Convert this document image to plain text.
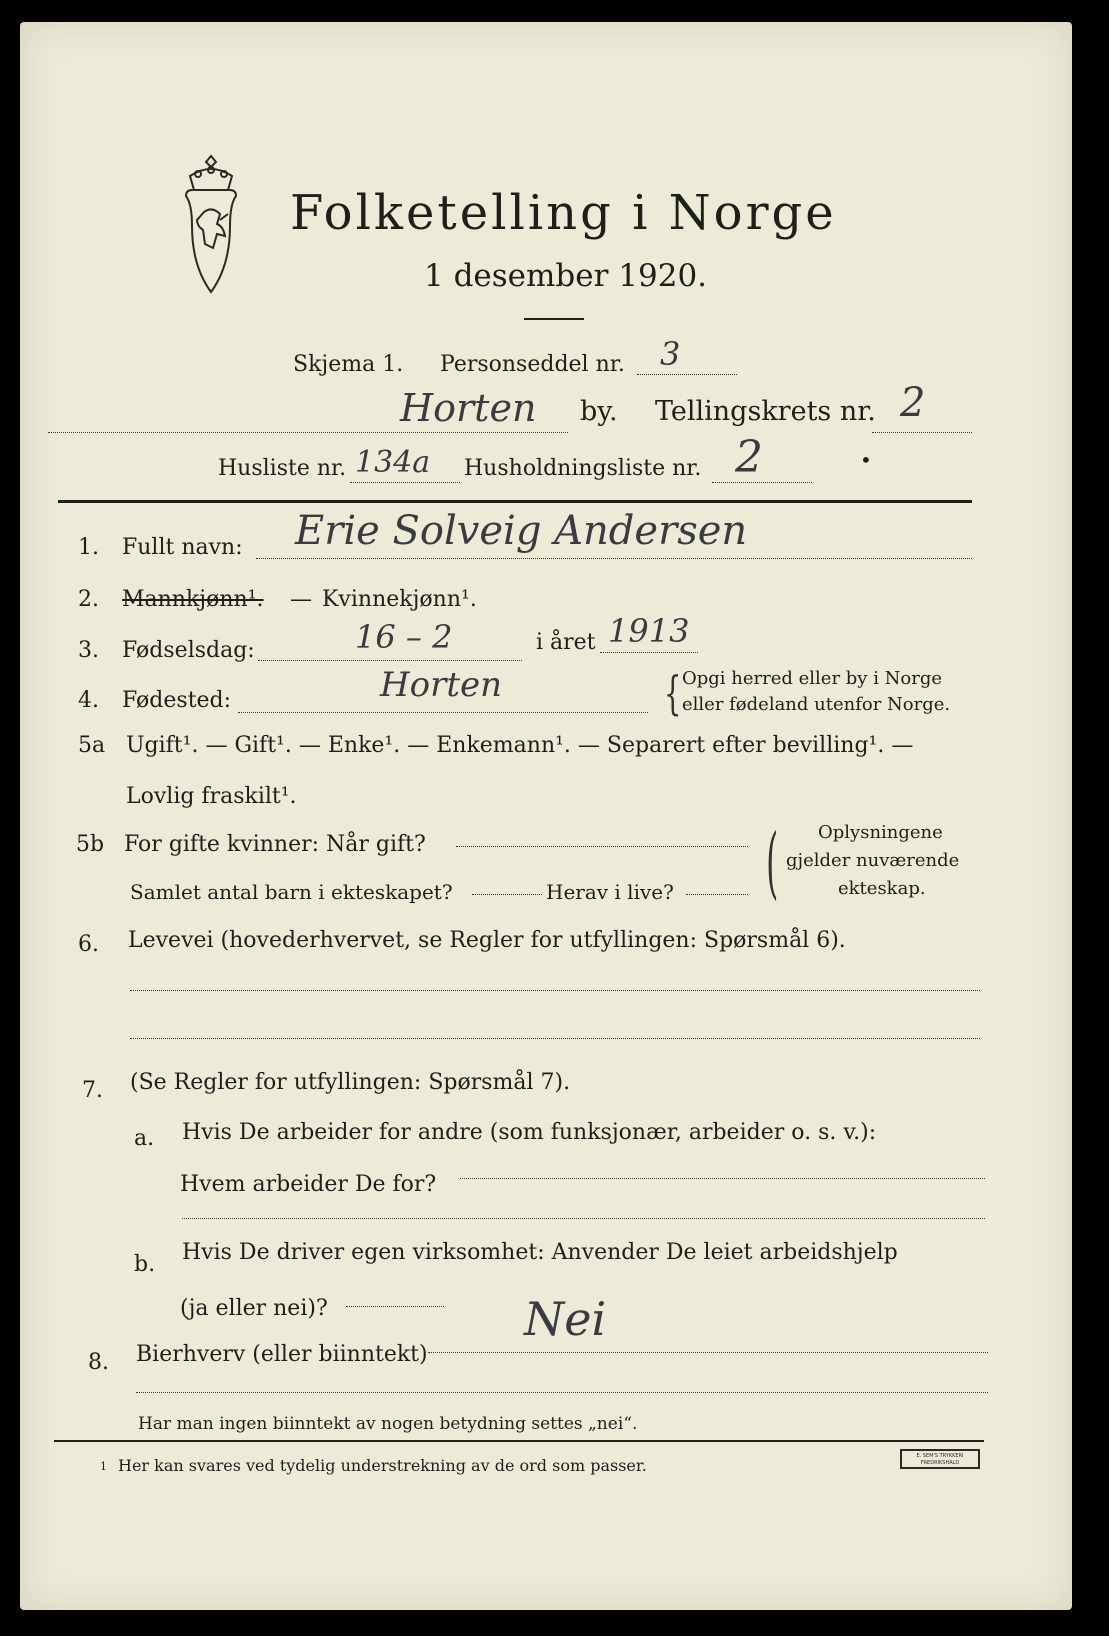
Folketelling i Norge
1 desember 1920.
Skjema 1. Personseddel nr. 3
Horten by. Tellingskrets nr. 2
Husliste nr. 134a Husholdningsliste nr. 2	•
1. Fullt navn: Erie Solveig Andersen
2. Mannkjønn¹. — Kvinnekjønn¹.
3. Fødselsdag:	16 – 2	i året 1913
4. Fødested:	Horten	{ Opgi herred eller by i Norge
eller fødeland utenfor Norge.
5a Ugift¹. — Gift¹. — Enke¹. — Enkemann¹. — Separert efter bevilling¹. —
Lovlig fraskilt¹.
5b For gifte kvinner: Når gift?
Samlet antal barn i ekteskapet?	Herav i live? ( Oplysningene
gjelder nuværende
ekteskap.
6. Levevei (hovederhvervet, se Regler for utfyllingen: Spørsmål 6).
7. (Se Regler for utfyllingen: Spørsmål 7).
a. Hvis De arbeider for andre (som funksjonær, arbeider o. s. v.):
Hvem arbeider De for?
b. Hvis De driver egen virksomhet: Anvender De leiet arbeidshjelp
(ja eller nei)?
8. Bierhverv (eller biinntekt)
Nei
Har man ingen biinntekt av nogen betydning settes „nei“.
1 Her kan svares ved tydelig understrekning av de ord som passer.	E. SEM'S TRYKKERI FREDRIKSHALD
